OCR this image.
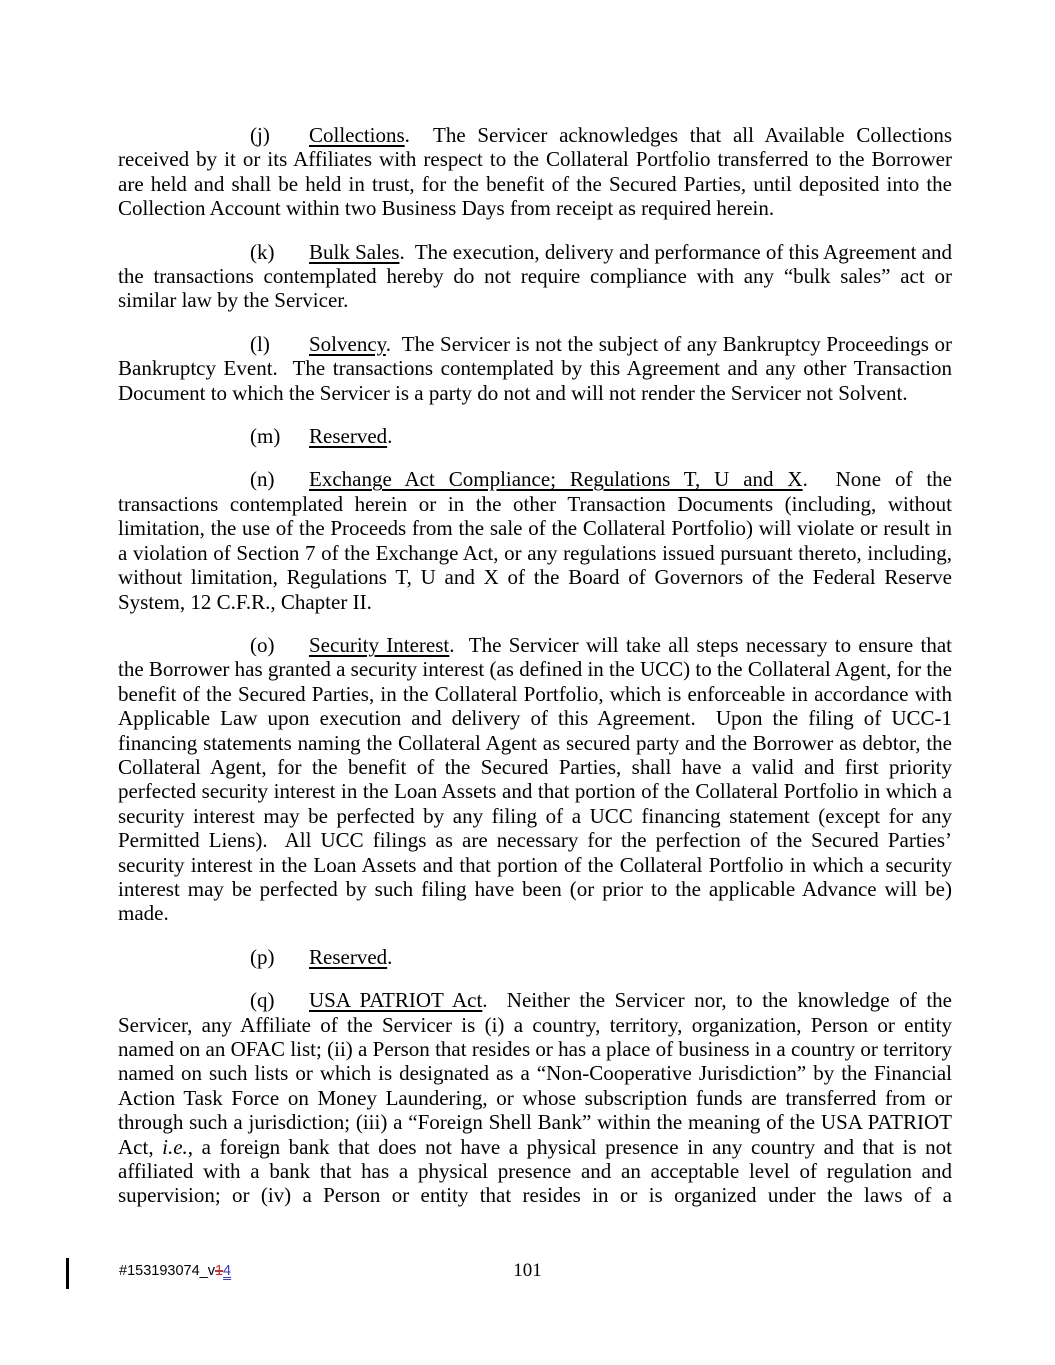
(j) Collections.  The Servicer acknowledges that all Available Collections received by it or its Affiliates with respect to the Collateral Portfolio transferred to the Borrower are held and shall be held in trust, for the benefit of the Secured Parties, until deposited into the Collection Account within two Business Days from receipt as required herein.

(k) Bulk Sales.  The execution, delivery and performance of this Agreement and the transactions contemplated hereby do not require compliance with any “bulk sales” act or similar law by the Servicer.

(l) Solvency.  The Servicer is not the subject of any Bankruptcy Proceedings or Bankruptcy Event.  The transactions contemplated by this Agreement and any other Transaction Document to which the Servicer is a party do not and will not render the Servicer not Solvent.

(m) Reserved.

(n) Exchange Act Compliance; Regulations T, U and X.  None of the transactions contemplated herein or in the other Transaction Documents (including, without limitation, the use of the Proceeds from the sale of the Collateral Portfolio) will violate or result in a violation of Section 7 of the Exchange Act, or any regulations issued pursuant thereto, including, without limitation, Regulations T, U and X of the Board of Governors of the Federal Reserve System, 12 C.F.R., Chapter II.

(o) Security Interest.  The Servicer will take all steps necessary to ensure that the Borrower has granted a security interest (as defined in the UCC) to the Collateral Agent, for the benefit of the Secured Parties, in the Collateral Portfolio, which is enforceable in accordance with Applicable Law upon execution and delivery of this Agreement.  Upon the filing of UCC-1 financing statements naming the Collateral Agent as secured party and the Borrower as debtor, the Collateral Agent, for the benefit of the Secured Parties, shall have a valid and first priority perfected security interest in the Loan Assets and that portion of the Collateral Portfolio in which a security interest may be perfected by any filing of a UCC financing statement (except for any Permitted Liens).  All UCC filings as are necessary for the perfection of the Secured Parties’ security interest in the Loan Assets and that portion of the Collateral Portfolio in which a security interest may be perfected by such filing have been (or prior to the applicable Advance will be) made.

(p) Reserved.

(q) USA PATRIOT Act.  Neither the Servicer nor, to the knowledge of the Servicer, any Affiliate of the Servicer is (i) a country, territory, organization, Person or entity named on an OFAC list; (ii) a Person that resides or has a place of business in a country or territory named on such lists or which is designated as a “Non-Cooperative Jurisdiction” by the Financial Action Task Force on Money Laundering, or whose subscription funds are transferred from or through such a jurisdiction; (iii) a “Foreign Shell Bank” within the meaning of the USA PATRIOT Act, i.e., a foreign bank that does not have a physical presence in any country and that is not affiliated with a bank that has a physical presence and an acceptable level of regulation and supervision; or (iv) a Person or entity that resides in or is organized under the laws of a

#153193074_v14	101
